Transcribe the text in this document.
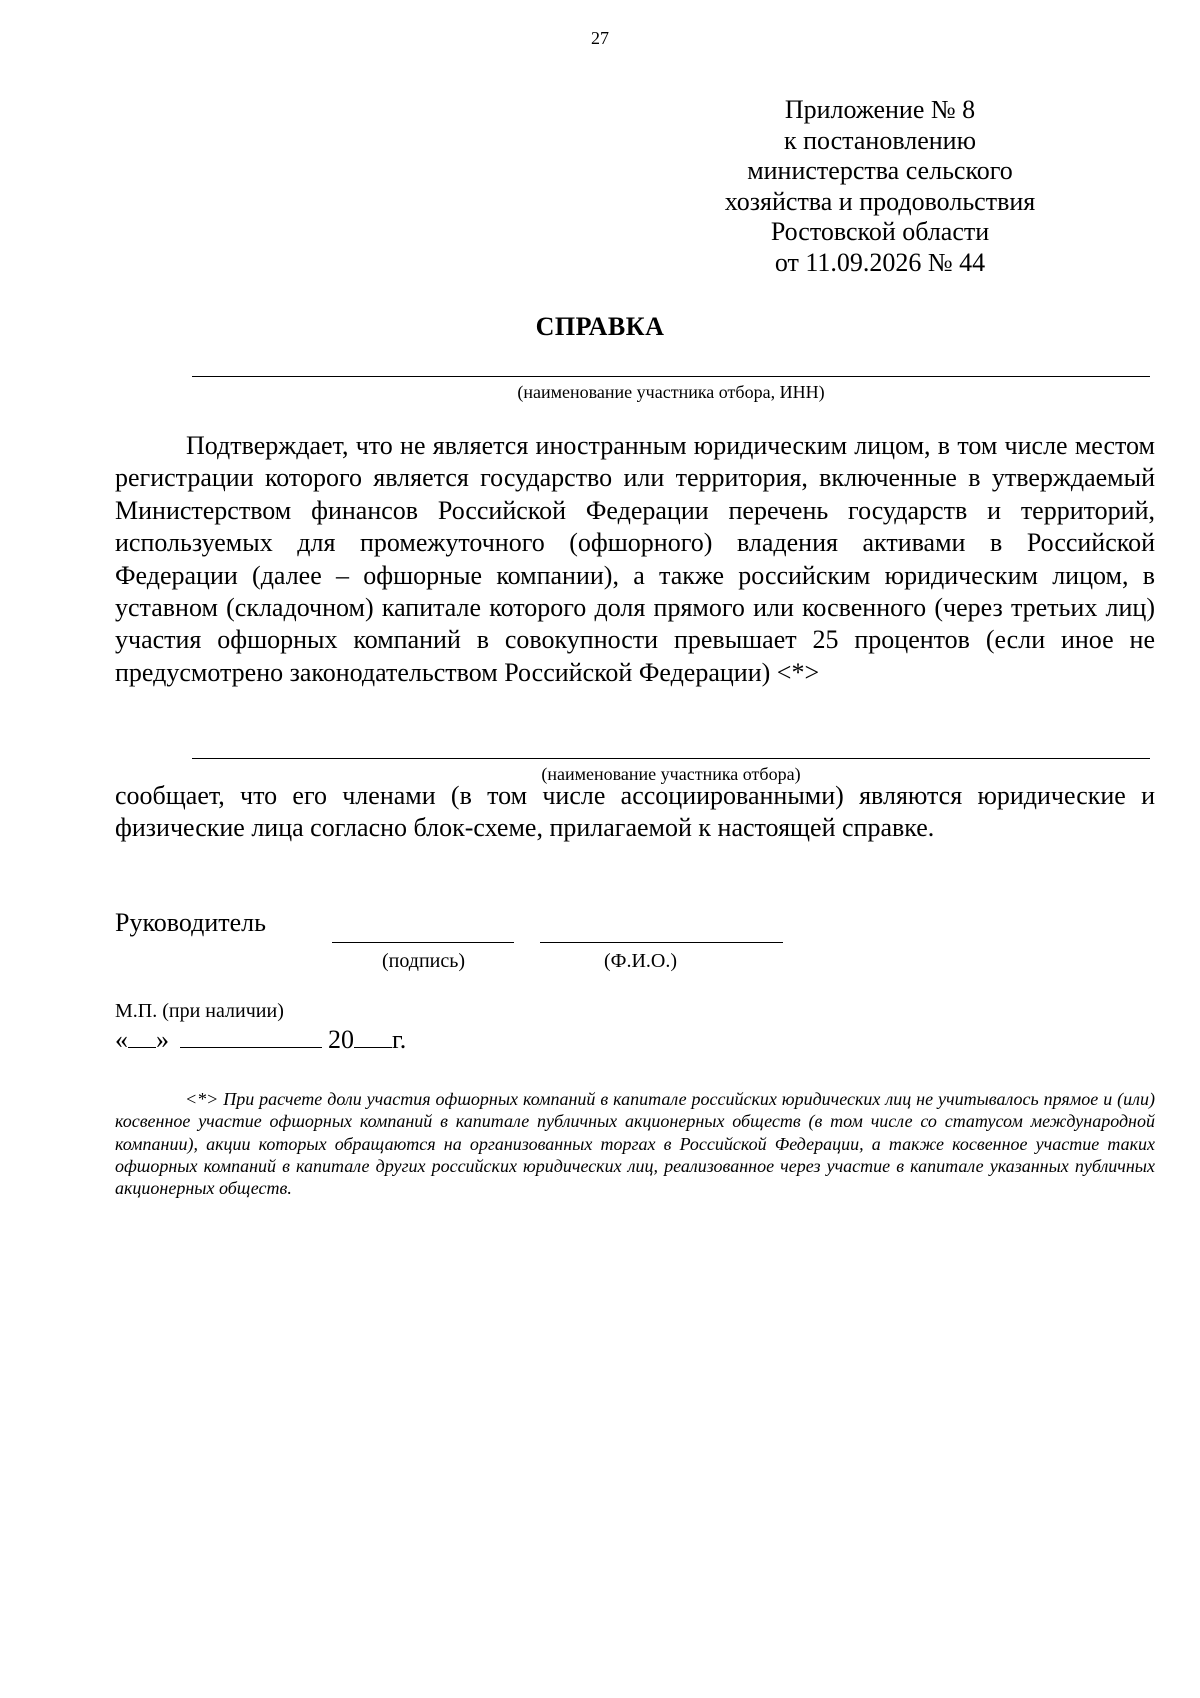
27
Приложение № 8
к постановлению
министерства сельского
хозяйства и продовольствия
Ростовской области
от 11.09.2026 № 44
СПРАВКА
(наименование участника отбора, ИНН)

Подтверждает, что не является иностранным юридическим лицом, в том числе местом регистрации которого является государство или территория, включенные в утверждаемый Министерством финансов Российской Федерации перечень государств и территорий, используемых для промежуточного (офшорного) владения активами в Российской Федерации (далее – офшорные компании), а также российским юридическим лицом, в уставном (складочном) капитале которого доля прямого или косвенного (через третьих лиц) участия офшорных компаний в совокупности превышает 25 процентов (если иное не предусмотрено законодательством Российской Федерации) <*>

(наименование участника отбора)

сообщает, что его членами (в том числе ассоциированными) являются юридические и физические лица согласно блок-схеме, прилагаемой к настоящей справке.

Руководитель
(подпись)	(Ф.И.О.)
М.П. (при наличии)
« »	20 г.

<*> При расчете доли участия офшорных компаний в капитале российских юридических лиц не учитывалось прямое и (или) косвенное участие офшорных компаний в капитале публичных акционерных обществ (в том числе со статусом международной компании), акции которых обращаются на организованных торгах в Российской Федерации, а также косвенное участие таких офшорных компаний в капитале других российских юридических лиц, реализованное через участие в капитале указанных публичных акционерных обществ.
